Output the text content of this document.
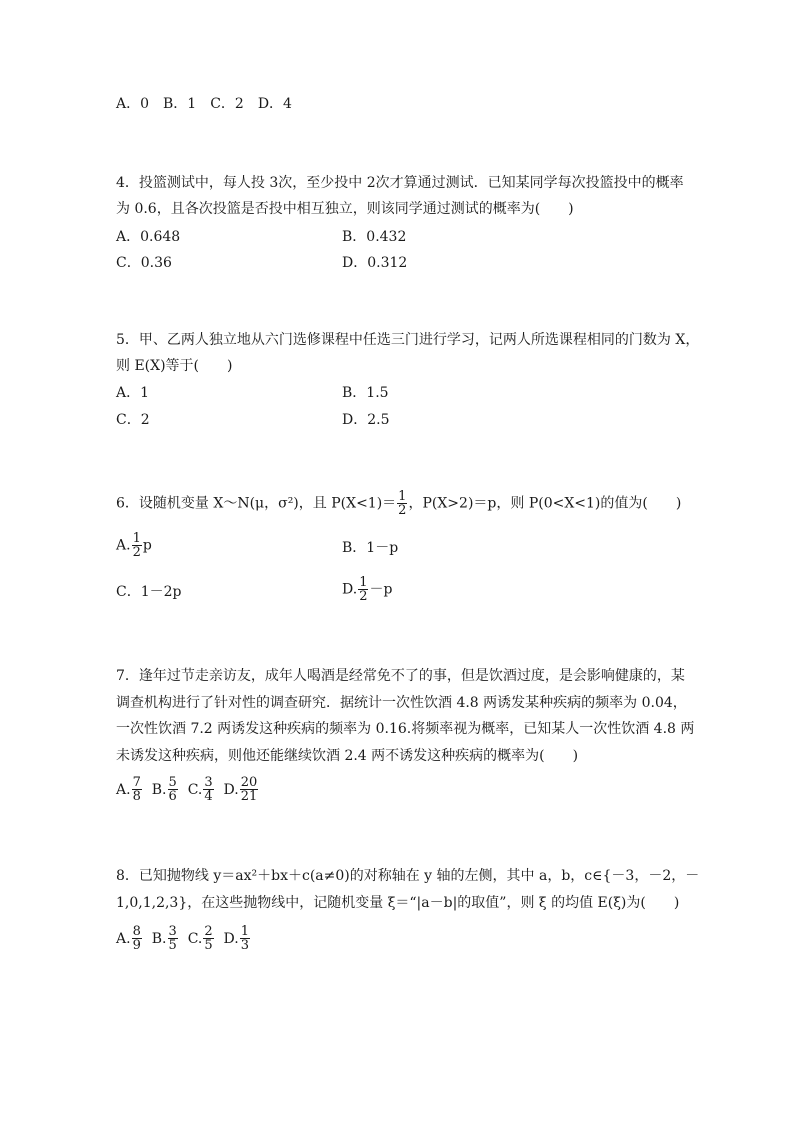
A．0　B．1　C．2　D．4
4．投篮测试中，每人投 3次，至少投中 2次才算通过测试．已知某同学每次投篮投中的概率
为 0.6，且各次投篮是否投中相互独立，则该同学通过测试的概率为(　　)
A．0.648	B．0.432
C．0.36	D．0.312
5．甲、乙两人独立地从六门选修课程中任选三门进行学习，记两人所选课程相同的门数为 X，
则 E(X)等于(　　)
A．1	B．1.5
C．2	D．2.5
6．设随机变量 X～N(μ，σ²)，且 $P(X<1)= \frac{1}{2}$ ，P(X>2)＝p，则 P(0<X<1)的值为(　　)
A. $\frac{1}{2}$ p	B．1－p
C．1－2p	D. $\frac{1}{2} -p$
7．逢年过节走亲访友，成年人喝酒是经常免不了的事，但是饮酒过度，是会影响健康的，某
调查机构进行了针对性的调查研究．据统计一次性饮酒 4.8 两诱发某种疾病的频率为 0.04，
一次性饮酒 7.2 两诱发这种疾病的频率为 0.16.将频率视为概率，已知某人一次性饮酒 4.8 两
未诱发这种疾病，则他还能继续饮酒 2.4 两不诱发这种疾病的概率为(　　)
A. $\frac{7}{8} B$. $\frac{5}{6} C$. $\frac{3}{4} D$. $\frac{20}{21}$
8．已知抛物线 y＝ax²＋bx＋c(a≠0)的对称轴在 y 轴的左侧，其中 a，b，c∈{－3，－2，－
1,0,1,2,3}，在这些抛物线中，记随机变量 ξ＝“|a－b|的取值”，则 ξ 的均值 E(ξ)为(　　)
A. $\frac{8}{9} B$. $\frac{3}{5} C$. $\frac{2}{5} D$. $\frac{1}{3}$
